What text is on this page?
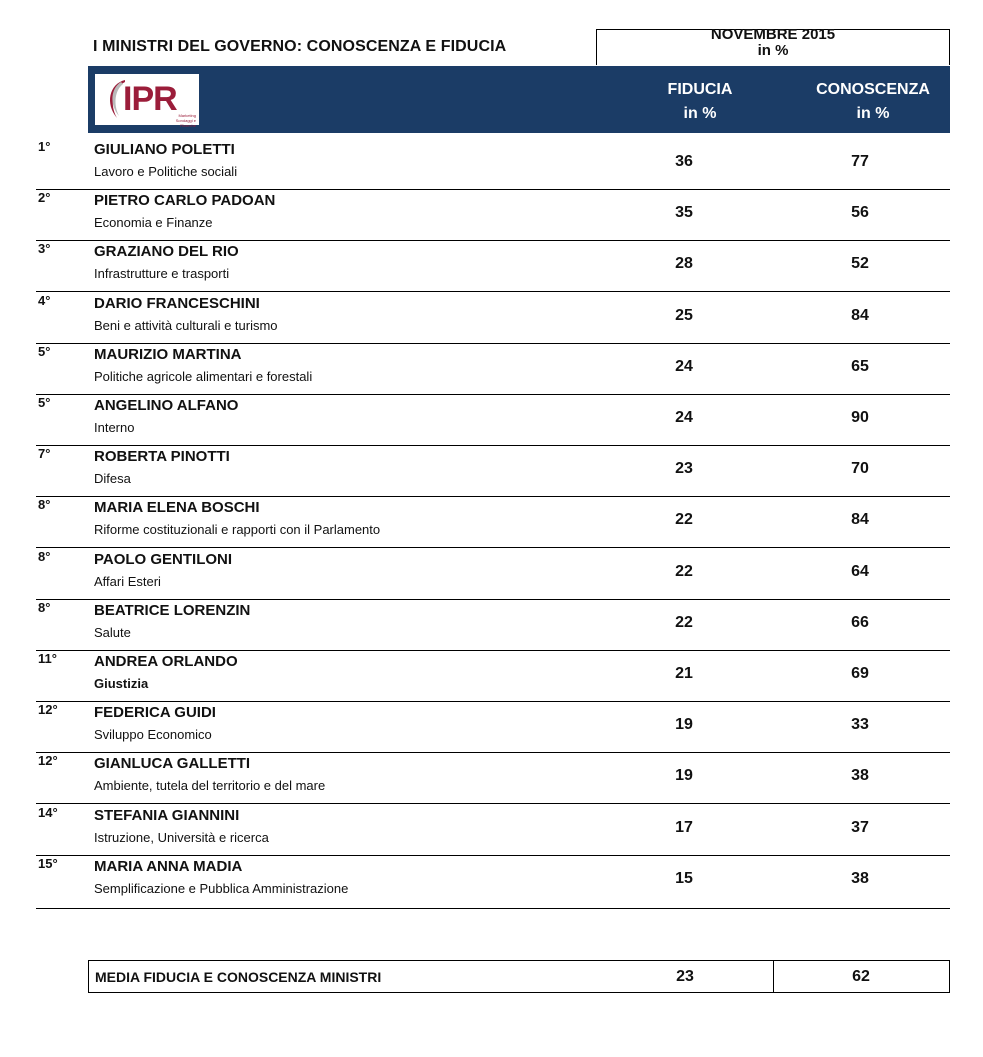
I MINISTRI DEL GOVERNO: CONOSCENZA E FIDUCIA
NOVEMBRE 2015
in %
IPR Marketing
Sondaggi e Ricerche
FIDUCIA
in %
CONOSCENZA
in %
1°	GIULIANO POLETTI
Lavoro e Politiche sociali
36	77
2°	PIETRO CARLO PADOAN
Economia e Finanze
35	56
3°	GRAZIANO DEL RIO
Infrastrutture e trasporti
28	52
4°	DARIO FRANCESCHINI
Beni e attività culturali e turismo
25	84
5°	MAURIZIO MARTINA
Politiche agricole alimentari e forestali
24	65
5°	ANGELINO ALFANO
Interno
24	90
7°	ROBERTA PINOTTI
Difesa
23	70
8°	MARIA ELENA BOSCHI
Riforme costituzionali e rapporti con il Parlamento
22	84
8°	PAOLO GENTILONI
Affari Esteri
22	64
8°	BEATRICE LORENZIN
Salute
22	66
11° ANDREA ORLANDO
Giustizia
21	69
12° FEDERICA GUIDI
Sviluppo Economico
19	33
12° GIANLUCA GALLETTI
Ambiente, tutela del territorio e del mare
19	38
14° STEFANIA GIANNINI
Istruzione, Università e ricerca
17	37
15° MARIA ANNA MADIA
Semplificazione e Pubblica Amministrazione
15	38
MEDIA FIDUCIA E CONOSCENZA MINISTRI	23	62
